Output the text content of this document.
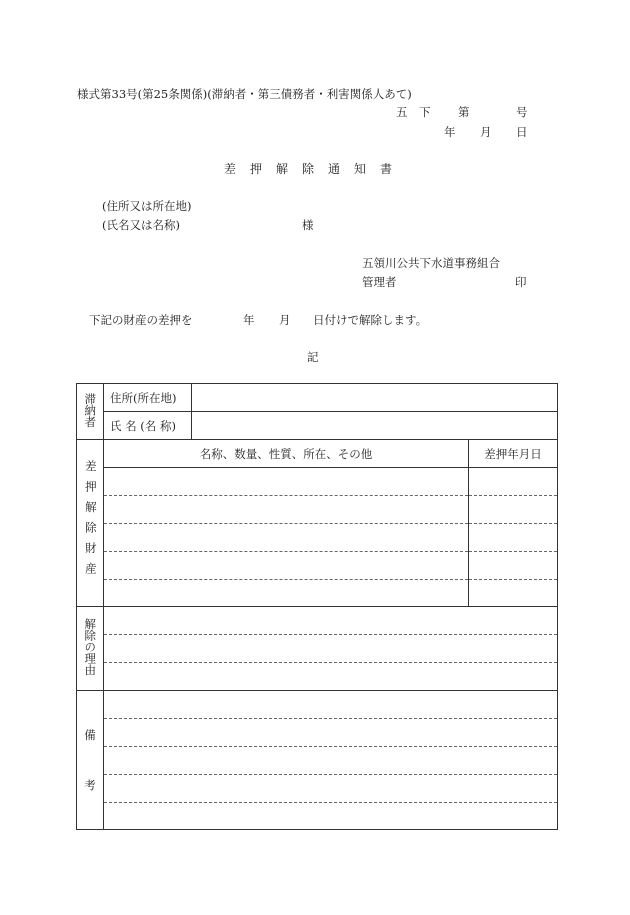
様式第33号(第25条関係)(滞納者・第三債務者・利害関係人あて)
五　下 第	号
年 月 日
差押解除通知書
(住所又は所在地)
(氏名又は名称)	様
五領川公共下水道事務組合
管理者	印
下記の財産の差押を	年 月 日付けで解除します。
記
滞納者	住所(所在地)		
	氏 名 (名 称)		
差押解除財産	名称、数量、性質、所在、その他		差押年月日

解除の理由			

備
考			
